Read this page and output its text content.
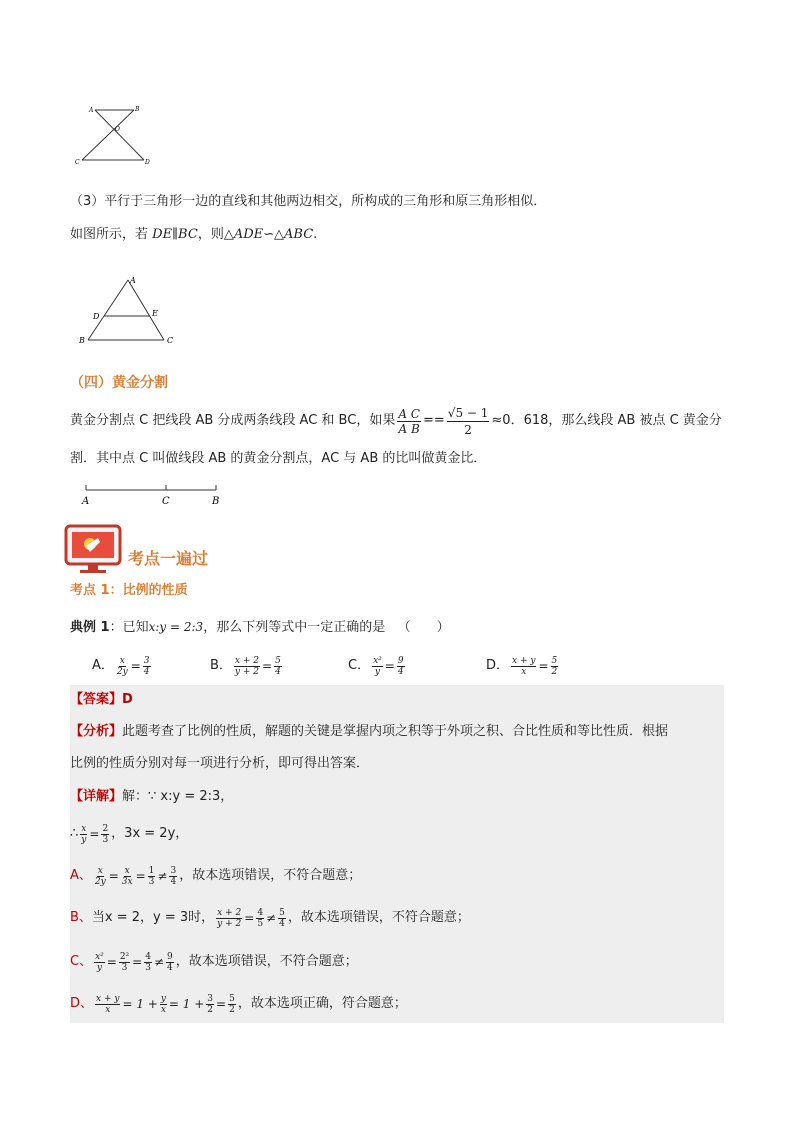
A	B
O
C	D
（3）平行于三角形一边的直线和其他两边相交，所构成的三角形和原三角形相似．
如图所示，若 DE∥BC，则△ADE∽△ABC.
A
D	E
B	C
（四）黄金分割
黄金分割点 C 把线段 AB 分成两条线段 AC 和 BC，如果 $\frac{\text{A C}}{\text{A B}} == \frac{√5 - 1}{2} \approx 0$．618，那么线段 AB 被点 C 黄金分
割．其中点 C 叫做线段 AB 的黄金分割点，AC 与 AB 的比叫做黄金比．
A	C	B
考点一遍过
考点 1：比例的性质
典例 1：已知x:y = 2:3，那么下列等式中一定正确的是 （　　）
A． $\frac{x}{2y} = \frac{3}{4}$	B． $\frac{x + 2}{y + 2} = \frac{5}{4}$	C． $\frac{\text{x²}}{y} = \frac{9}{4}$	D． $\frac{x + y}{x} = \frac{5}{2}$
【答案】D
【分析】此题考查了比例的性质，解题的关键是掌握内项之积等于外项之积、合比性质和等比性质．根据
比例的性质分别对每一项进行分析，即可得出答案．
【详解】解：∵ x:y = 2:3，
∴ $\frac{x}{y} = \frac{2}{3}$ ，3x = 2y，
A、 $\frac{x}{2y} = \frac{x}{3x} = \frac{1}{3} \ne \frac{3}{4}$ ，故本选项错误，不符合题意；
B、 当x = 2，y = 3时， $\frac{x + 2}{y + 2} = \frac{4}{5} \ne \frac{5}{4}$ ，故本选项错误，不符合题意；
C、 $\frac{\text{x²}}{y} = \frac{\text{2²}}{3} = \frac{4}{3} \ne \frac{9}{4}$ ，故本选项错误，不符合题意；
D、 $\frac{x + y}{x} = 1 + \frac{y}{x} = 1 + \frac{3}{2} = \frac{5}{2}$ ，故本选项正确，符合题意；
